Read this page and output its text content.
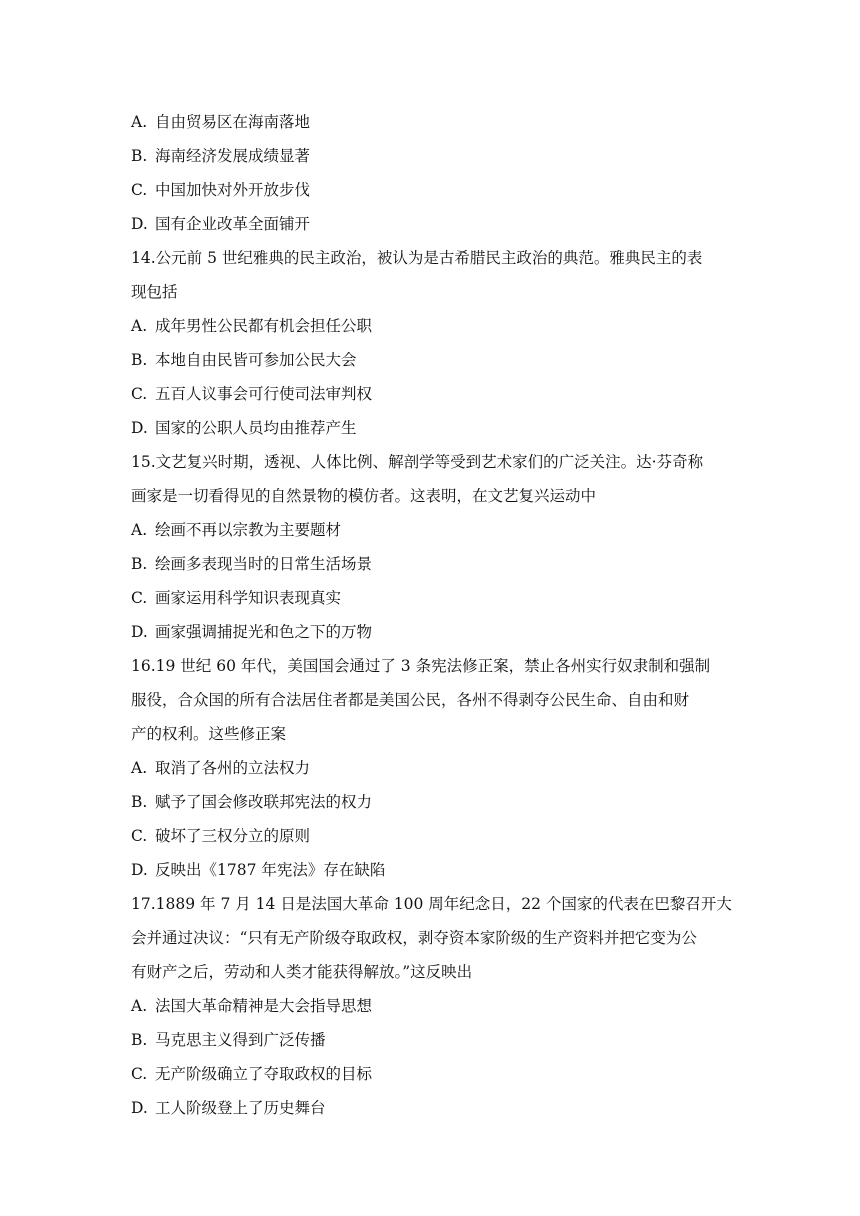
A. 自由贸易区在海南落地
B. 海南经济发展成绩显著
C. 中国加快对外开放步伐
D. 国有企业改革全面铺开
14.公元前 5 世纪雅典的民主政治，被认为是古希腊民主政治的典范。雅典民主的表
现包括
A. 成年男性公民都有机会担任公职
B. 本地自由民皆可参加公民大会
C. 五百人议事会可行使司法审判权
D. 国家的公职人员均由推荐产生
15.文艺复兴时期，透视、人体比例、解剖学等受到艺术家们的广泛关注。达·芬奇称
画家是一切看得见的自然景物的模仿者。这表明，在文艺复兴运动中
A. 绘画不再以宗教为主要题材
B. 绘画多表现当时的日常生活场景
C. 画家运用科学知识表现真实
D. 画家强调捕捉光和色之下的万物
16.19 世纪 60 年代，美国国会通过了 3 条宪法修正案，禁止各州实行奴隶制和强制
服役，合众国的所有合法居住者都是美国公民，各州不得剥夺公民生命、自由和财
产的权利。这些修正案
A. 取消了各州的立法权力
B. 赋予了国会修改联邦宪法的权力
C. 破坏了三权分立的原则
D. 反映出《1787 年宪法》存在缺陷
17.1889 年 7 月 14 日是法国大革命 100 周年纪念日，22 个国家的代表在巴黎召开大
会并通过决议：“只有无产阶级夺取政权，剥夺资本家阶级的生产资料并把它变为公
有财产之后，劳动和人类才能获得解放。”这反映出
A. 法国大革命精神是大会指导思想
B. 马克思主义得到广泛传播
C. 无产阶级确立了夺取政权的目标
D. 工人阶级登上了历史舞台
